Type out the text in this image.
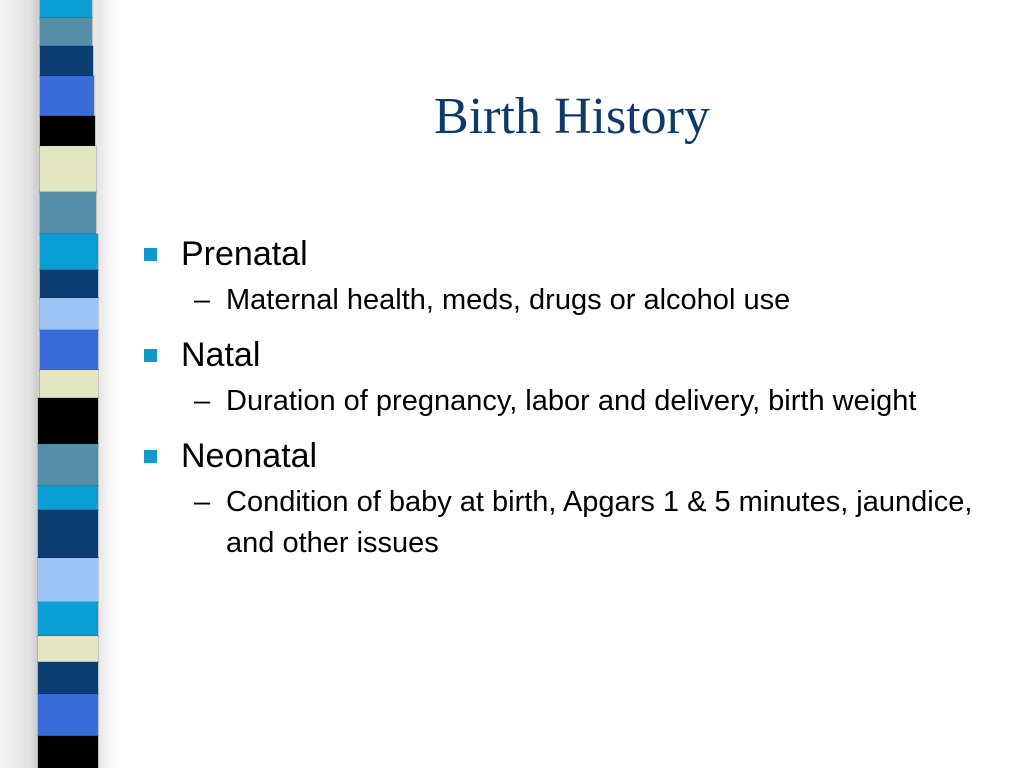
Birth History
Prenatal
– Maternal health, meds, drugs or alcohol use
Natal
– Duration of pregnancy, labor and delivery, birth weight
Neonatal
– Condition of baby at birth, Apgars 1 & 5 minutes, jaundice, and other issues
